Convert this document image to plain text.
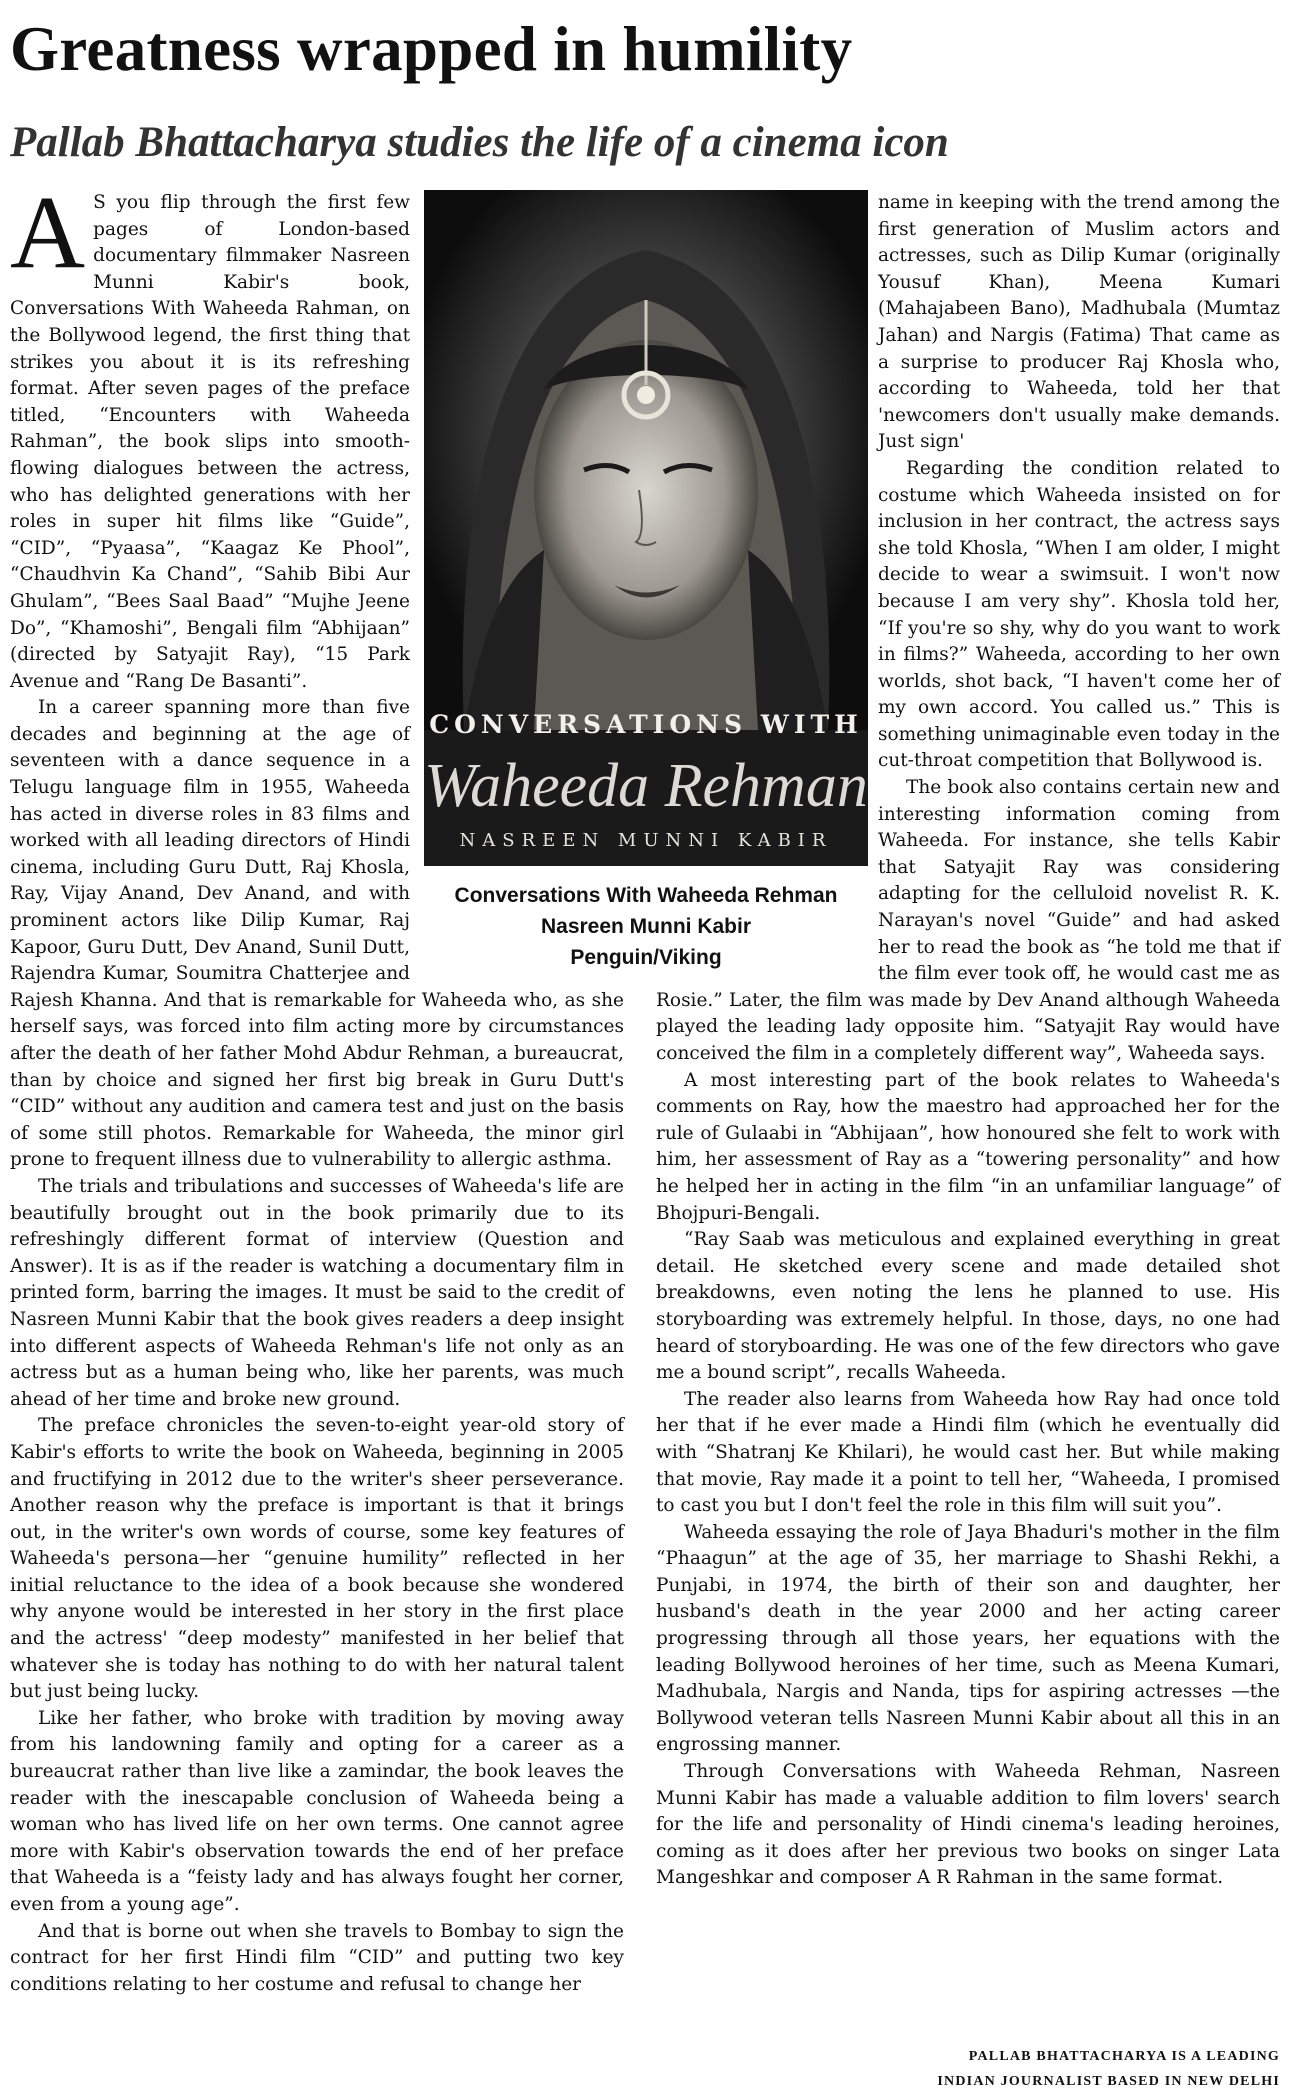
Greatness wrapped in humility
Pallab Bhattacharya studies the life of a cinema icon

A S you flip through the first few pages of London-based documentary filmmaker Nasreen Munni Kabir's book, Conversations With Waheeda Rahman, on the Bollywood legend, the first thing that strikes you about it is its refreshing format. After seven pages of the preface titled, “Encounters with Waheeda Rahman”, the book slips into smooth-flowing dialogues between the actress, who has delighted generations with her roles in super hit films like “Guide”, “CID”, “Pyaasa”, “Kaagaz Ke Phool”, “Chaudhvin Ka Chand”, “Sahib Bibi Aur Ghulam”, “Bees Saal Baad” “Mujhe Jeene Do”, “Khamoshi”, Bengali film “Abhijaan” (directed by Satyajit Ray), “15 Park Avenue and “Rang De Basanti”.

In a career spanning more than five decades and beginning at the age of seventeen with a dance sequence in a Telugu language film in 1955, Waheeda has acted in diverse roles in 83 films and worked with all leading directors of Hindi cinema, including Guru Dutt, Raj Khosla, Ray, Vijay Anand, Dev Anand, and with prominent actors like Dilip Kumar, Raj Kapoor, Guru Dutt, Dev Anand, Sunil Dutt, Rajendra Kumar, Soumitra Chatterjee and Rajesh Khanna. And that is remarkable for Waheeda who, as she herself says, was forced into film acting more by circumstances after the death of her father Mohd Abdur Rehman, a bureaucrat, than by choice and signed her first big break in Guru Dutt's “CID” without any audition and camera test and just on the basis of some still photos. Remarkable for Waheeda, the minor girl prone to frequent illness due to vulnerability to allergic asthma.

The trials and tribulations and successes of Waheeda's life are beautifully brought out in the book primarily due to its refreshingly different format of interview (Question and Answer). It is as if the reader is watching a documentary film in printed form, barring the images. It must be said to the credit of Nasreen Munni Kabir that the book gives readers a deep insight into different aspects of Waheeda Rehman's life not only as an actress but as a human being who, like her parents, was much ahead of her time and broke new ground.

The preface chronicles the seven-to-eight year-old story of Kabir's efforts to write the book on Waheeda, beginning in 2005 and fructifying in 2012 due to the writer's sheer perseverance. Another reason why the preface is important is that it brings out, in the writer's own words of course, some key features of Waheeda's persona—her “genuine humility” reflected in her initial reluctance to the idea of a book because she wondered why anyone would be interested in her story in the first place and the actress' “deep modesty” manifested in her belief that whatever she is today has nothing to do with her natural talent but just being lucky.

Like her father, who broke with tradition by moving away from his landowning family and opting for a career as a bureaucrat rather than live like a zamindar, the book leaves the reader with the inescapable conclusion of Waheeda being a woman who has lived life on her own terms. One cannot agree more with Kabir's observation towards the end of her preface that Waheeda is a “feisty lady and has always fought her corner, even from a young age”.

And that is borne out when she travels to Bombay to sign the contract for her first Hindi film “CID” and putting two key conditions relating to her costume and refusal to change her

name in keeping with the trend among the first generation of Muslim actors and actresses, such as Dilip Kumar (originally Yousuf Khan), Meena Kumari (Mahajabeen Bano), Madhubala (Mumtaz Jahan) and Nargis (Fatima) That came as a surprise to producer Raj Khosla who, according to Waheeda, told her that 'newcomers don't usually make demands. Just sign'

Regarding the condition related to costume which Waheeda insisted on for inclusion in her contract, the actress says she told Khosla, “When I am older, I might decide to wear a swimsuit. I won't now because I am very shy”. Khosla told her, “If you're so shy, why do you want to work in films?” Waheeda, according to her own worlds, shot back, “I haven't come her of my own accord. You called us.” This is something unimaginable even today in the cut-throat competition that Bollywood is.

The book also contains certain new and interesting information coming from Waheeda. For instance, she tells Kabir that Satyajit Ray was considering adapting for the celluloid novelist R. K. Narayan's novel “Guide” and had asked her to read the book as “he told me that if the film ever took off, he would cast me as Rosie.” Later, the film was made by Dev Anand although Waheeda played the leading lady opposite him. “Satyajit Ray would have conceived the film in a completely different way”, Waheeda says.

A most interesting part of the book relates to Waheeda's comments on Ray, how the maestro had approached her for the rule of Gulaabi in “Abhijaan”, how honoured she felt to work with him, her assessment of Ray as a “towering personality” and how he helped her in acting in the film “in an unfamiliar language” of Bhojpuri-Bengali.

“Ray Saab was meticulous and explained everything in great detail. He sketched every scene and made detailed shot breakdowns, even noting the lens he planned to use. His storyboarding was extremely helpful. In those, days, no one had heard of storyboarding. He was one of the few directors who gave me a bound script”, recalls Waheeda.

The reader also learns from Waheeda how Ray had once told her that if he ever made a Hindi film (which he eventually did with “Shatranj Ke Khilari), he would cast her. But while making that movie, Ray made it a point to tell her, “Waheeda, I promised to cast you but I don't feel the role in this film will suit you”.

Waheeda essaying the role of Jaya Bhaduri's mother in the film “Phaagun” at the age of 35, her marriage to Shashi Rekhi, a Punjabi, in 1974, the birth of their son and daughter, her husband's death in the year 2000 and her acting career progressing through all those years, her equations with the leading Bollywood heroines of her time, such as Meena Kumari, Madhubala, Nargis and Nanda, tips for aspiring actresses —the Bollywood veteran tells Nasreen Munni Kabir about all this in an engrossing manner.

Through Conversations with Waheeda Rehman, Nasreen Munni Kabir has made a valuable addition to film lovers' search for the life and personality of Hindi cinema's leading heroines, coming as it does after her previous two books on singer Lata Mangeshkar and composer A R Rahman in the same format.

CONVERSATIONS WITH
Waheeda Rehman
NASREEN MUNNI KABIR
Conversations With Waheeda Rehman
Nasreen Munni Kabir
Penguin/Viking
PALLAB BHATTACHARYA IS A LEADING
INDIAN JOURNALIST BASED IN NEW DELHI
